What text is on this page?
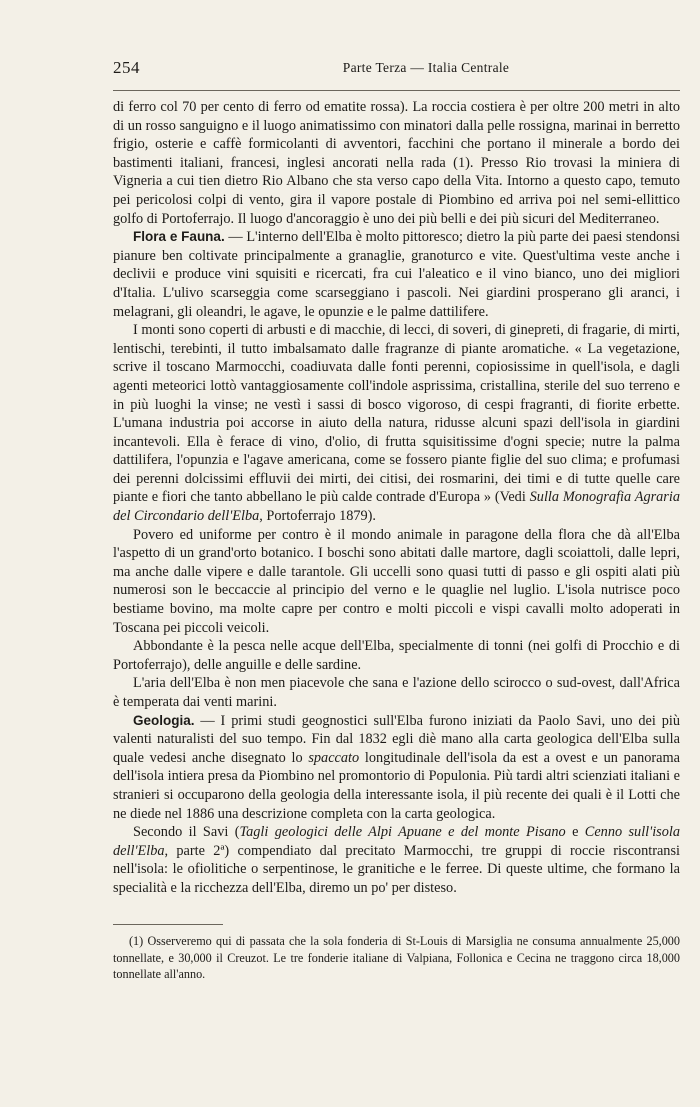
254	Parte Terza — Italia Centrale

di ferro col 70 per cento di ferro od ematite rossa). La roccia costiera è per oltre 200 metri in alto di un rosso sanguigno e il luogo animatissimo con minatori dalla pelle rossigna, marinai in berretto frigio, osterie e caffè formicolanti di avventori, facchini che portano il minerale a bordo dei bastimenti italiani, francesi, inglesi ancorati nella rada (1). Presso Rio trovasi la miniera di Vigneria a cui tien dietro Rio Albano che sta verso capo della Vita. Intorno a questo capo, temuto pei pericolosi colpi di vento, gira il vapore postale di Piombino ed arriva poi nel semi-ellittico golfo di Portoferrajo. Il luogo d'ancoraggio è uno dei più belli e dei più sicuri del Mediterraneo.

Flora e Fauna. — L'interno dell'Elba è molto pittoresco; dietro la più parte dei paesi stendonsi pianure ben coltivate principalmente a granaglie, granoturco e vite. Quest'ultima veste anche i declivii e produce vini squisiti e ricercati, fra cui l'aleatico e il vino bianco, uno dei migliori d'Italia. L'ulivo scarseggia come scarseggiano i pascoli. Nei giardini prosperano gli aranci, i melagrani, gli oleandri, le agave, le opunzie e le palme dattilifere.

I monti sono coperti di arbusti e di macchie, di lecci, di soveri, di ginepreti, di fragarie, di mirti, lentischi, terebinti, il tutto imbalsamato dalle fragranze di piante aromatiche. « La vegetazione, scrive il toscano Marmocchi, coadiuvata dalle fonti perenni, copiosissime in quell'isola, e dagli agenti meteorici lottò vantaggiosamente coll'indole asprissima, cristallina, sterile del suo terreno e in più luoghi la vinse; ne vestì i sassi di bosco vigoroso, di cespi fragranti, di fiorite erbette. L'umana industria poi accorse in aiuto della natura, ridusse alcuni spazi dell'isola in giardini incantevoli. Ella è ferace di vino, d'olio, di frutta squisitissime d'ogni specie; nutre la palma dattilifera, l'opunzia e l'agave americana, come se fossero piante figlie del suo clima; e profumasi dei perenni dolcissimi effluvii dei mirti, dei citisi, dei rosmarini, dei timi e di tutte quelle care piante e fiori che tanto abbellano le più calde contrade d'Europa » (Vedi Sulla Monografia Agraria del Circondario dell'Elba, Portoferrajo 1879).

Povero ed uniforme per contro è il mondo animale in paragone della flora che dà all'Elba l'aspetto di un grand'orto botanico. I boschi sono abitati dalle martore, dagli scoiattoli, dalle lepri, ma anche dalle vipere e dalle tarantole. Gli uccelli sono quasi tutti di passo e gli ospiti alati più numerosi son le beccaccie al principio del verno e le quaglie nel luglio. L'isola nutrisce poco bestiame bovino, ma molte capre per contro e molti piccoli e vispi cavalli molto adoperati in Toscana pei piccoli veicoli.

Abbondante è la pesca nelle acque dell'Elba, specialmente di tonni (nei golfi di Procchio e di Portoferrajo), delle anguille e delle sardine.

L'aria dell'Elba è non men piacevole che sana e l'azione dello scirocco o sud-ovest, dall'Africa è temperata dai venti marini.

Geologia. — I primi studi geognostici sull'Elba furono iniziati da Paolo Savi, uno dei più valenti naturalisti del suo tempo. Fin dal 1832 egli diè mano alla carta geologica dell'Elba sulla quale vedesi anche disegnato lo spaccato longitudinale dell'isola da est a ovest e un panorama dell'isola intiera presa da Piombino nel promontorio di Populonia. Più tardi altri scienziati italiani e stranieri si occuparono della geologia della interessante isola, il più recente dei quali è il Lotti che ne diede nel 1886 una descrizione completa con la carta geologica.

Secondo il Savi (Tagli geologici delle Alpi Apuane e del monte Pisano e Cenno sull'isola dell'Elba, parte 2ª) compendiato dal precitato Marmocchi, tre gruppi di roccie riscontransi nell'isola: le ofiolitiche o serpentinose, le granitiche e le ferree. Di queste ultime, che formano la specialità e la ricchezza dell'Elba, diremo un po' per disteso.

(1) Osserveremo qui di passata che la sola fonderia di St-Louis di Marsiglia ne consuma annualmente 25,000 tonnellate, e 30,000 il Creuzot. Le tre fonderie italiane di Valpiana, Follonica e Cecina ne traggono circa 18,000 tonnellate all'anno.
